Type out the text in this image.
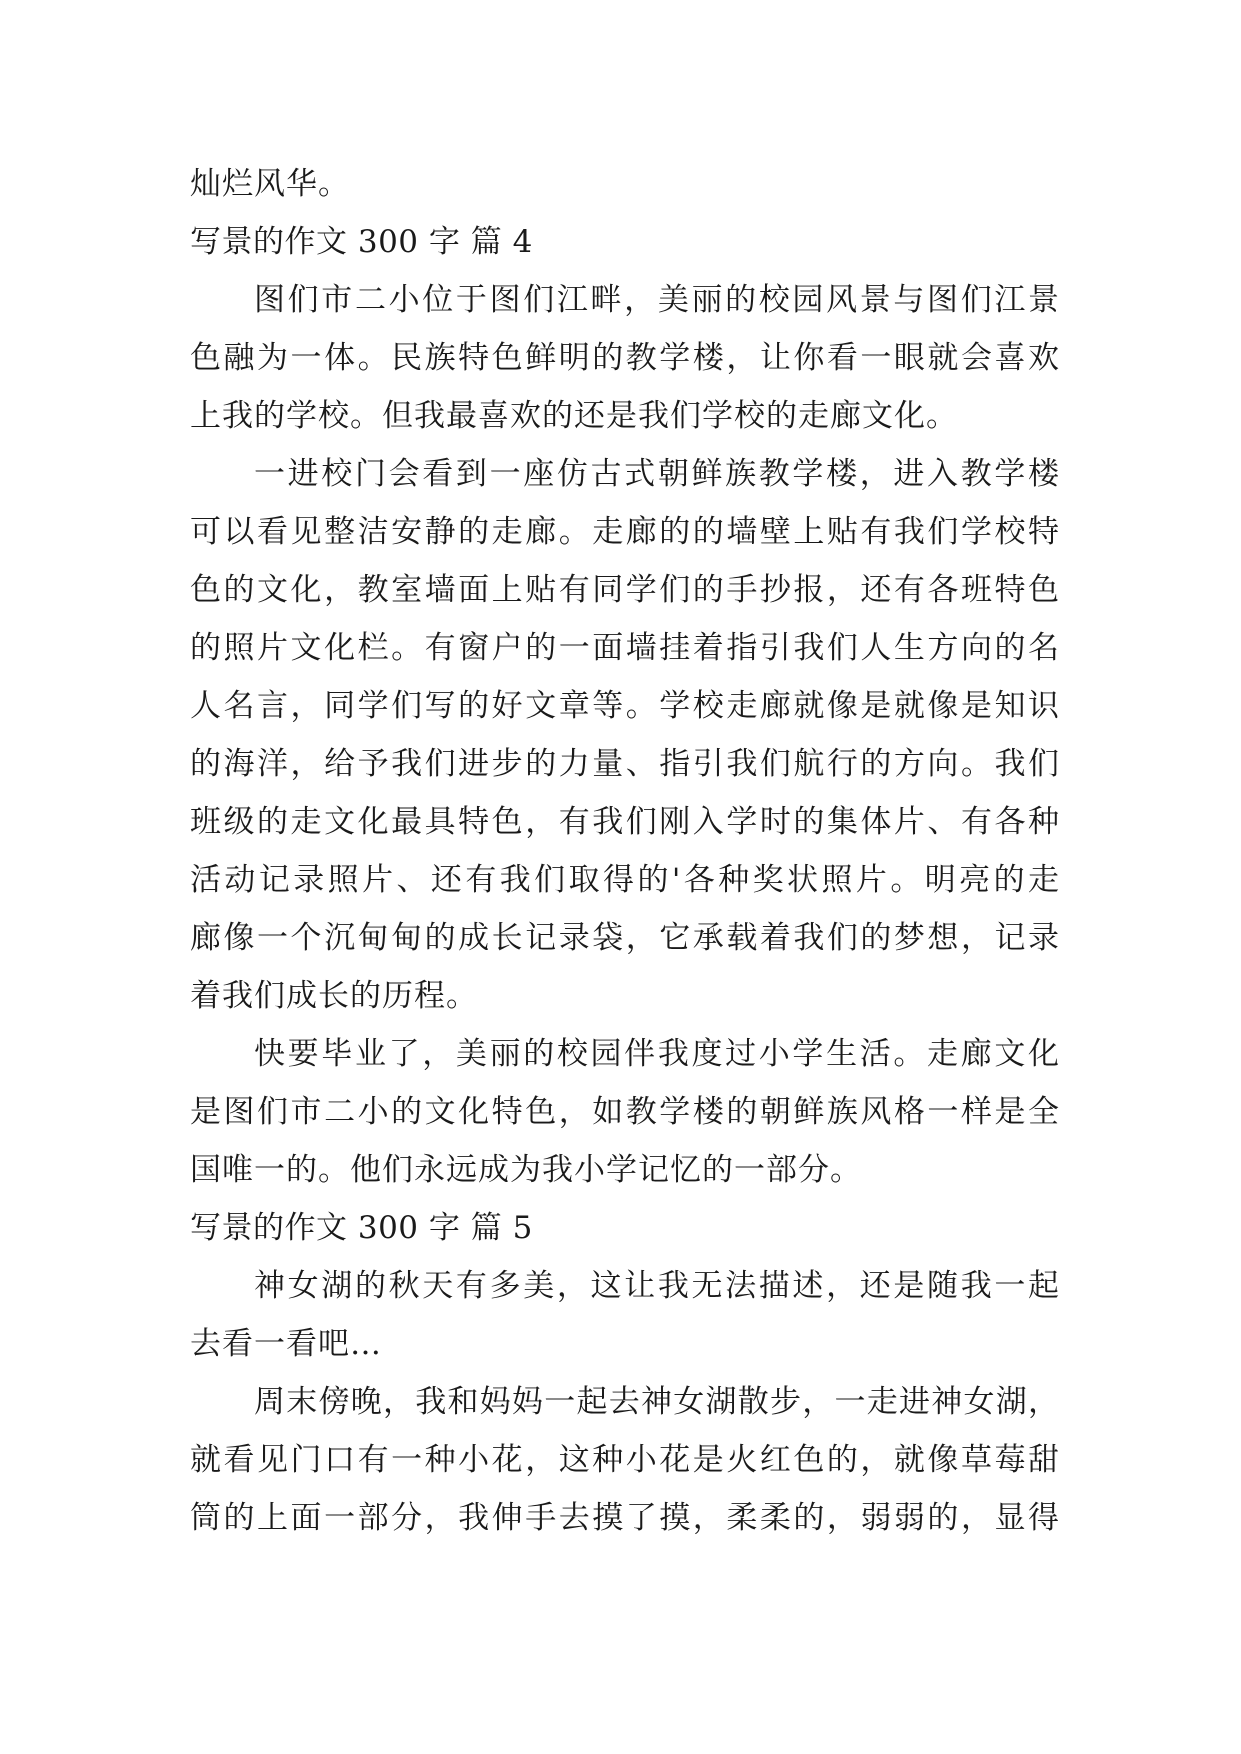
灿烂风华。
写景的作文 300 字 篇 4
图们市二小位于图们江畔，美丽的校园风景与图们江景
色融为一体。民族特色鲜明的教学楼，让你看一眼就会喜欢
上我的学校。但我最喜欢的还是我们学校的走廊文化。
一进校门会看到一座仿古式朝鲜族教学楼，进入教学楼
可以看见整洁安静的走廊。走廊的的墙壁上贴有我们学校特
色的文化，教室墙面上贴有同学们的手抄报，还有各班特色
的照片文化栏。有窗户的一面墙挂着指引我们人生方向的名
人名言，同学们写的好文章等。学校走廊就像是就像是知识
的海洋，给予我们进步的力量、指引我们航行的方向。我们
班级的走文化最具特色，有我们刚入学时的集体片、有各种
活动记录照片、还有我们取得的'各种奖状照片。明亮的走
廊像一个沉甸甸的成长记录袋，它承载着我们的梦想，记录
着我们成长的历程。
快要毕业了，美丽的校园伴我度过小学生活。走廊文化
是图们市二小的文化特色，如教学楼的朝鲜族风格一样是全
国唯一的。他们永远成为我小学记忆的一部分。
写景的作文 300 字 篇 5
神女湖的秋天有多美，这让我无法描述，还是随我一起
去看一看吧…
周末傍晚，我和妈妈一起去神女湖散步，一走进神女湖，
就看见门口有一种小花，这种小花是火红色的，就像草莓甜
筒的上面一部分，我伸手去摸了摸，柔柔的，弱弱的，显得
